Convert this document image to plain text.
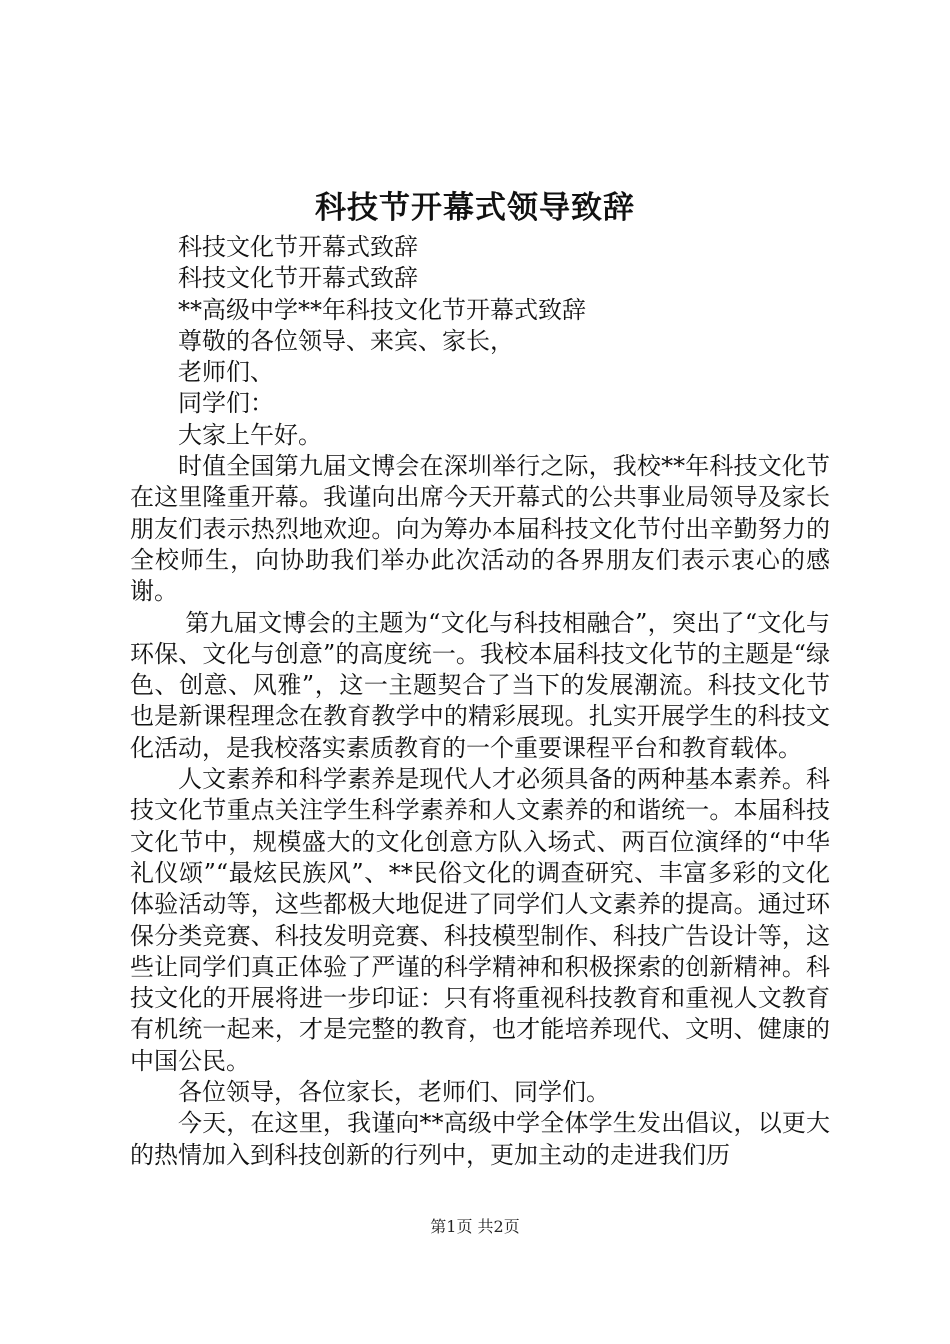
科技节开幕式领导致辞

科技文化节开幕式致辞

科技文化节开幕式致辞

**高级中学**年科技文化节开幕式致辞

尊敬的各位领导、来宾、家长，

老师们、

同学们：

大家上午好。

时值全国第九届文博会在深圳举行之际，我校**年科技文化节在这里隆重开幕。我谨向出席今天开幕式的公共事业局领导及家长朋友们表示热烈地欢迎。向为筹办本届科技文化节付出辛勤努力的全校师生，向协助我们举办此次活动的各界朋友们表示衷心的感谢。

第九届文博会的主题为“文化与科技相融合”，突出了“文化与环保、文化与创意”的高度统一。我校本届科技文化节的主题是“绿色、创意、风雅”，这一主题契合了当下的发展潮流。科技文化节也是新课程理念在教育教学中的精彩展现。扎实开展学生的科技文化活动，是我校落实素质教育的一个重要课程平台和教育载体。

人文素养和科学素养是现代人才必须具备的两种基本素养。科技文化节重点关注学生科学素养和人文素养的和谐统一。本届科技文化节中，规模盛大的文化创意方队入场式、两百位演绎的“中华礼仪颂”“最炫民族风”、**民俗文化的调查研究、丰富多彩的文化体验活动等，这些都极大地促进了同学们人文素养的提高。通过环保分类竞赛、科技发明竞赛、科技模型制作、科技广告设计等，这些让同学们真正体验了严谨的科学精神和积极探索的创新精神。科技文化的开展将进一步印证：只有将重视科技教育和重视人文教育有机统一起来，才是完整的教育，也才能培养现代、文明、健康的中国公民。

各位领导，各位家长，老师们、同学们。

今天，在这里，我谨向**高级中学全体学生发出倡议，以更大的热情加入到科技创新的行列中，更加主动的走进我们历

第1页 共2页
